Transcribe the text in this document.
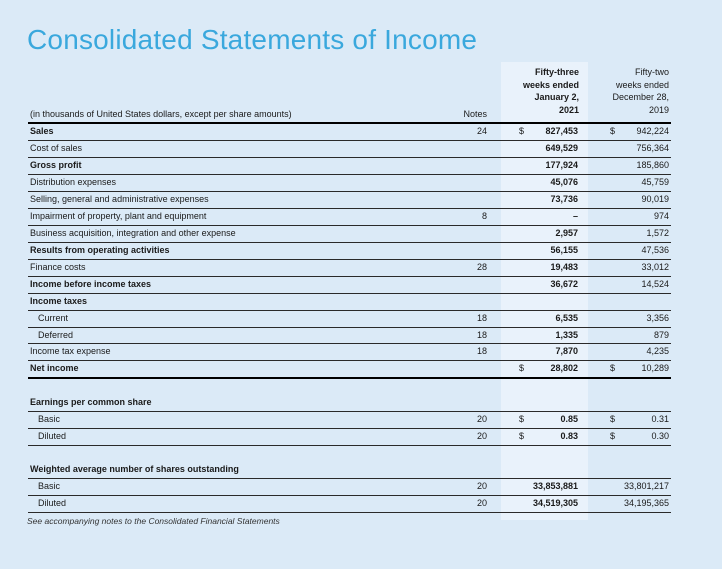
Consolidated Statements of Income
Fifty-three
weeks ended
January 2,
2021
Fifty-two
weeks ended
December 28,
2019
(in thousands of United States dollars, except per share amounts)	Notes
Sales	24	$	827,453	$	942,224
Cost of sales	649,529	756,364
Gross profit	177,924	185,860
Distribution expenses	45,076	45,759
Selling, general and administrative expenses	73,736	90,019
Impairment of property, plant and equipment	8	–	974
Business acquisition, integration and other expense	2,957	1,572
Results from operating activities	56,155	47,536
Finance costs	28	19,483	33,012
Income before income taxes	36,672	14,524
Income taxes
Current	18	6,535	3,356
Deferred	18	1,335	879
Income tax expense	18	7,870	4,235
Net income	$	28,802	$	10,289
Earnings per common share
Basic	20	$	0.85	$	0.31
Diluted	20	$	0.83	$	0.30
Weighted average number of shares outstanding
Basic	20	33,853,881	33,801,217
Diluted	20	34,519,305	34,195,365
See accompanying notes to the Consolidated Financial Statements
